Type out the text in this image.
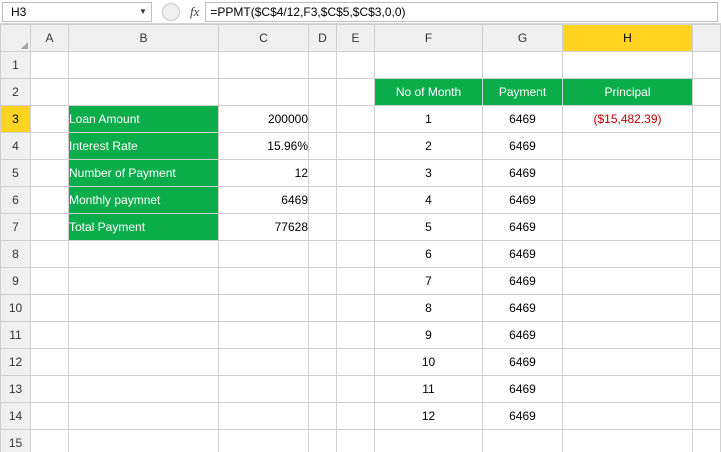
H3	▼	fx =PPMT($C$4/12,F3,$C$5,$C$3,0,0)
	A	B	C	D	E	F	G	H	
1									
2						No of Month	Payment	Principal	
3		Loan Amount	200000			1	6469	($15,482.39)	
4		Interest Rate	15.96%			2	6469		
5		Number of Payment	12			3	6469		
6		Monthly paymnet	6469			4	6469		
7		Total Payment	77628			5	6469		
8						6	6469		
9						7	6469		
10						8	6469		
11						9	6469		
12						10	6469		
13						11	6469		
14						12	6469		
15									
